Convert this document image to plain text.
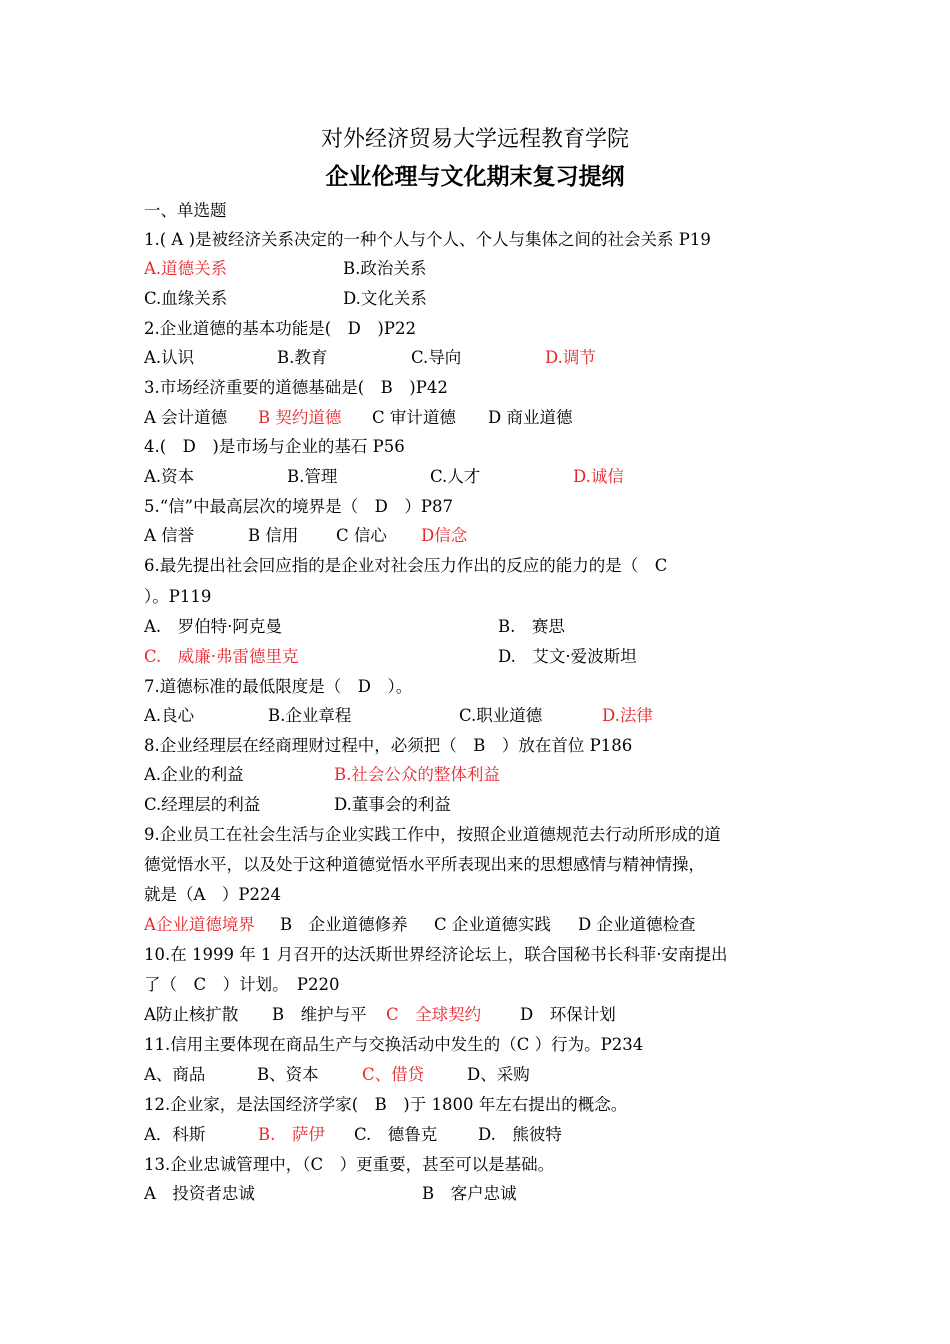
对外经济贸易大学远程教育学院
企业伦理与文化期末复习提纲
一、单选题
1.( A )是被经济关系决定的一种个人与个人、个人与集体之间的社会关系 P19
A.道德关系	B.政治关系
C.血缘关系	D.文化关系
2.企业道德的基本功能是(　D　)P22
A.认识	B.教育	C.导向	D.调节
3.市场经济重要的道德基础是(　B　)P42
A 会计道德 B 契约道德 C 审计道德 D 商业道德
4.(　D　)是市场与企业的基石 P56
A.资本	B.管理	C.人才	D.诚信
5.“信”中最高层次的境界是（　D　）P87
A 信誉	B 信用 C 信心 D信念
6.最先提出社会回应指的是企业对社会压力作出的反应的能力的是（　C
）。P119
A.　罗伯特·阿克曼	B.　赛思
C.　威廉·弗雷德里克	D.　艾文·爱波斯坦
7.道德标准的最低限度是（　D　）。
A.良心	B.企业章程	C.职业道德	D.法律
8.企业经理层在经商理财过程中，必须把（　B　）放在首位 P186
A.企业的利益	B.社会公众的整体利益
C.经理层的利益	D.董事会的利益
9.企业员工在社会生活与企业实践工作中，按照企业道德规范去行动所形成的道
德觉悟水平，以及处于这种道德觉悟水平所表现出来的思想感情与精神情操，
就是（A　）P224
A企业道德境界 B　企业道德修养 C 企业道德实践 D 企业道德检查
10.在 1999 年 1 月召开的达沃斯世界经济论坛上，联合国秘书长科菲·安南提出
了（　C　）计划。　P220
A防止核扩散 B　维护与平 C　全球契约 D　环保计划
11.信用主要体现在商品生产与交换活动中发生的（C ）行为。P234
A、商品	B、资本	C、借贷	D、采购
12.企业家，是法国经济学家(　B　)于 1800 年左右提出的概念。
A．科斯	B.　萨伊 C.　德鲁克 D.　熊彼特
13.企业忠诚管理中，（C　）更重要，甚至可以是基础。
A　投资者忠诚	B　客户忠诚
